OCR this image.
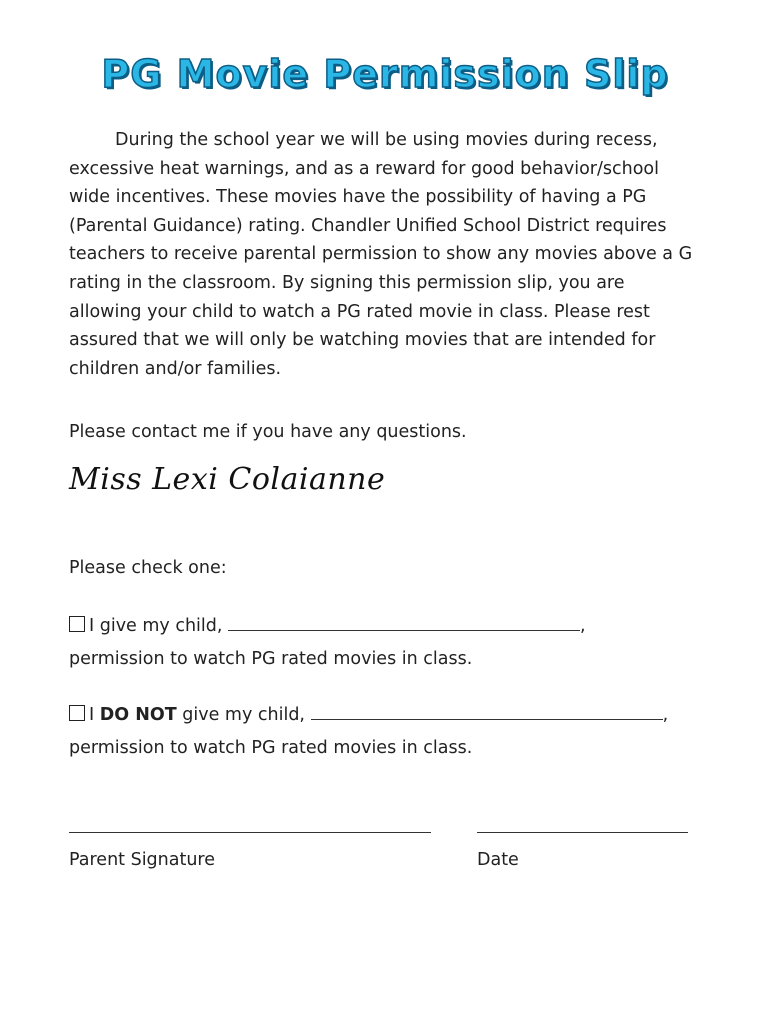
PG Movie Permission Slip

During the school year we will be using movies during recess, excessive heat warnings, and as a reward for good behavior/school wide incentives. These movies have the possibility of having a PG (Parental Guidance) rating. Chandler Unified School District requires teachers to receive parental permission to show any movies above a G rating in the classroom. By signing this permission slip, you are allowing your child to watch a PG rated movie in class. Please rest assured that we will only be watching movies that are intended for children and/or families.

Please contact me if you have any questions.
Miss Lexi Colaianne
Please check one:
I give my child,	,
permission to watch PG rated movies in class.
I DO NOT give my child,	,
permission to watch PG rated movies in class.
Parent Signature	Date
